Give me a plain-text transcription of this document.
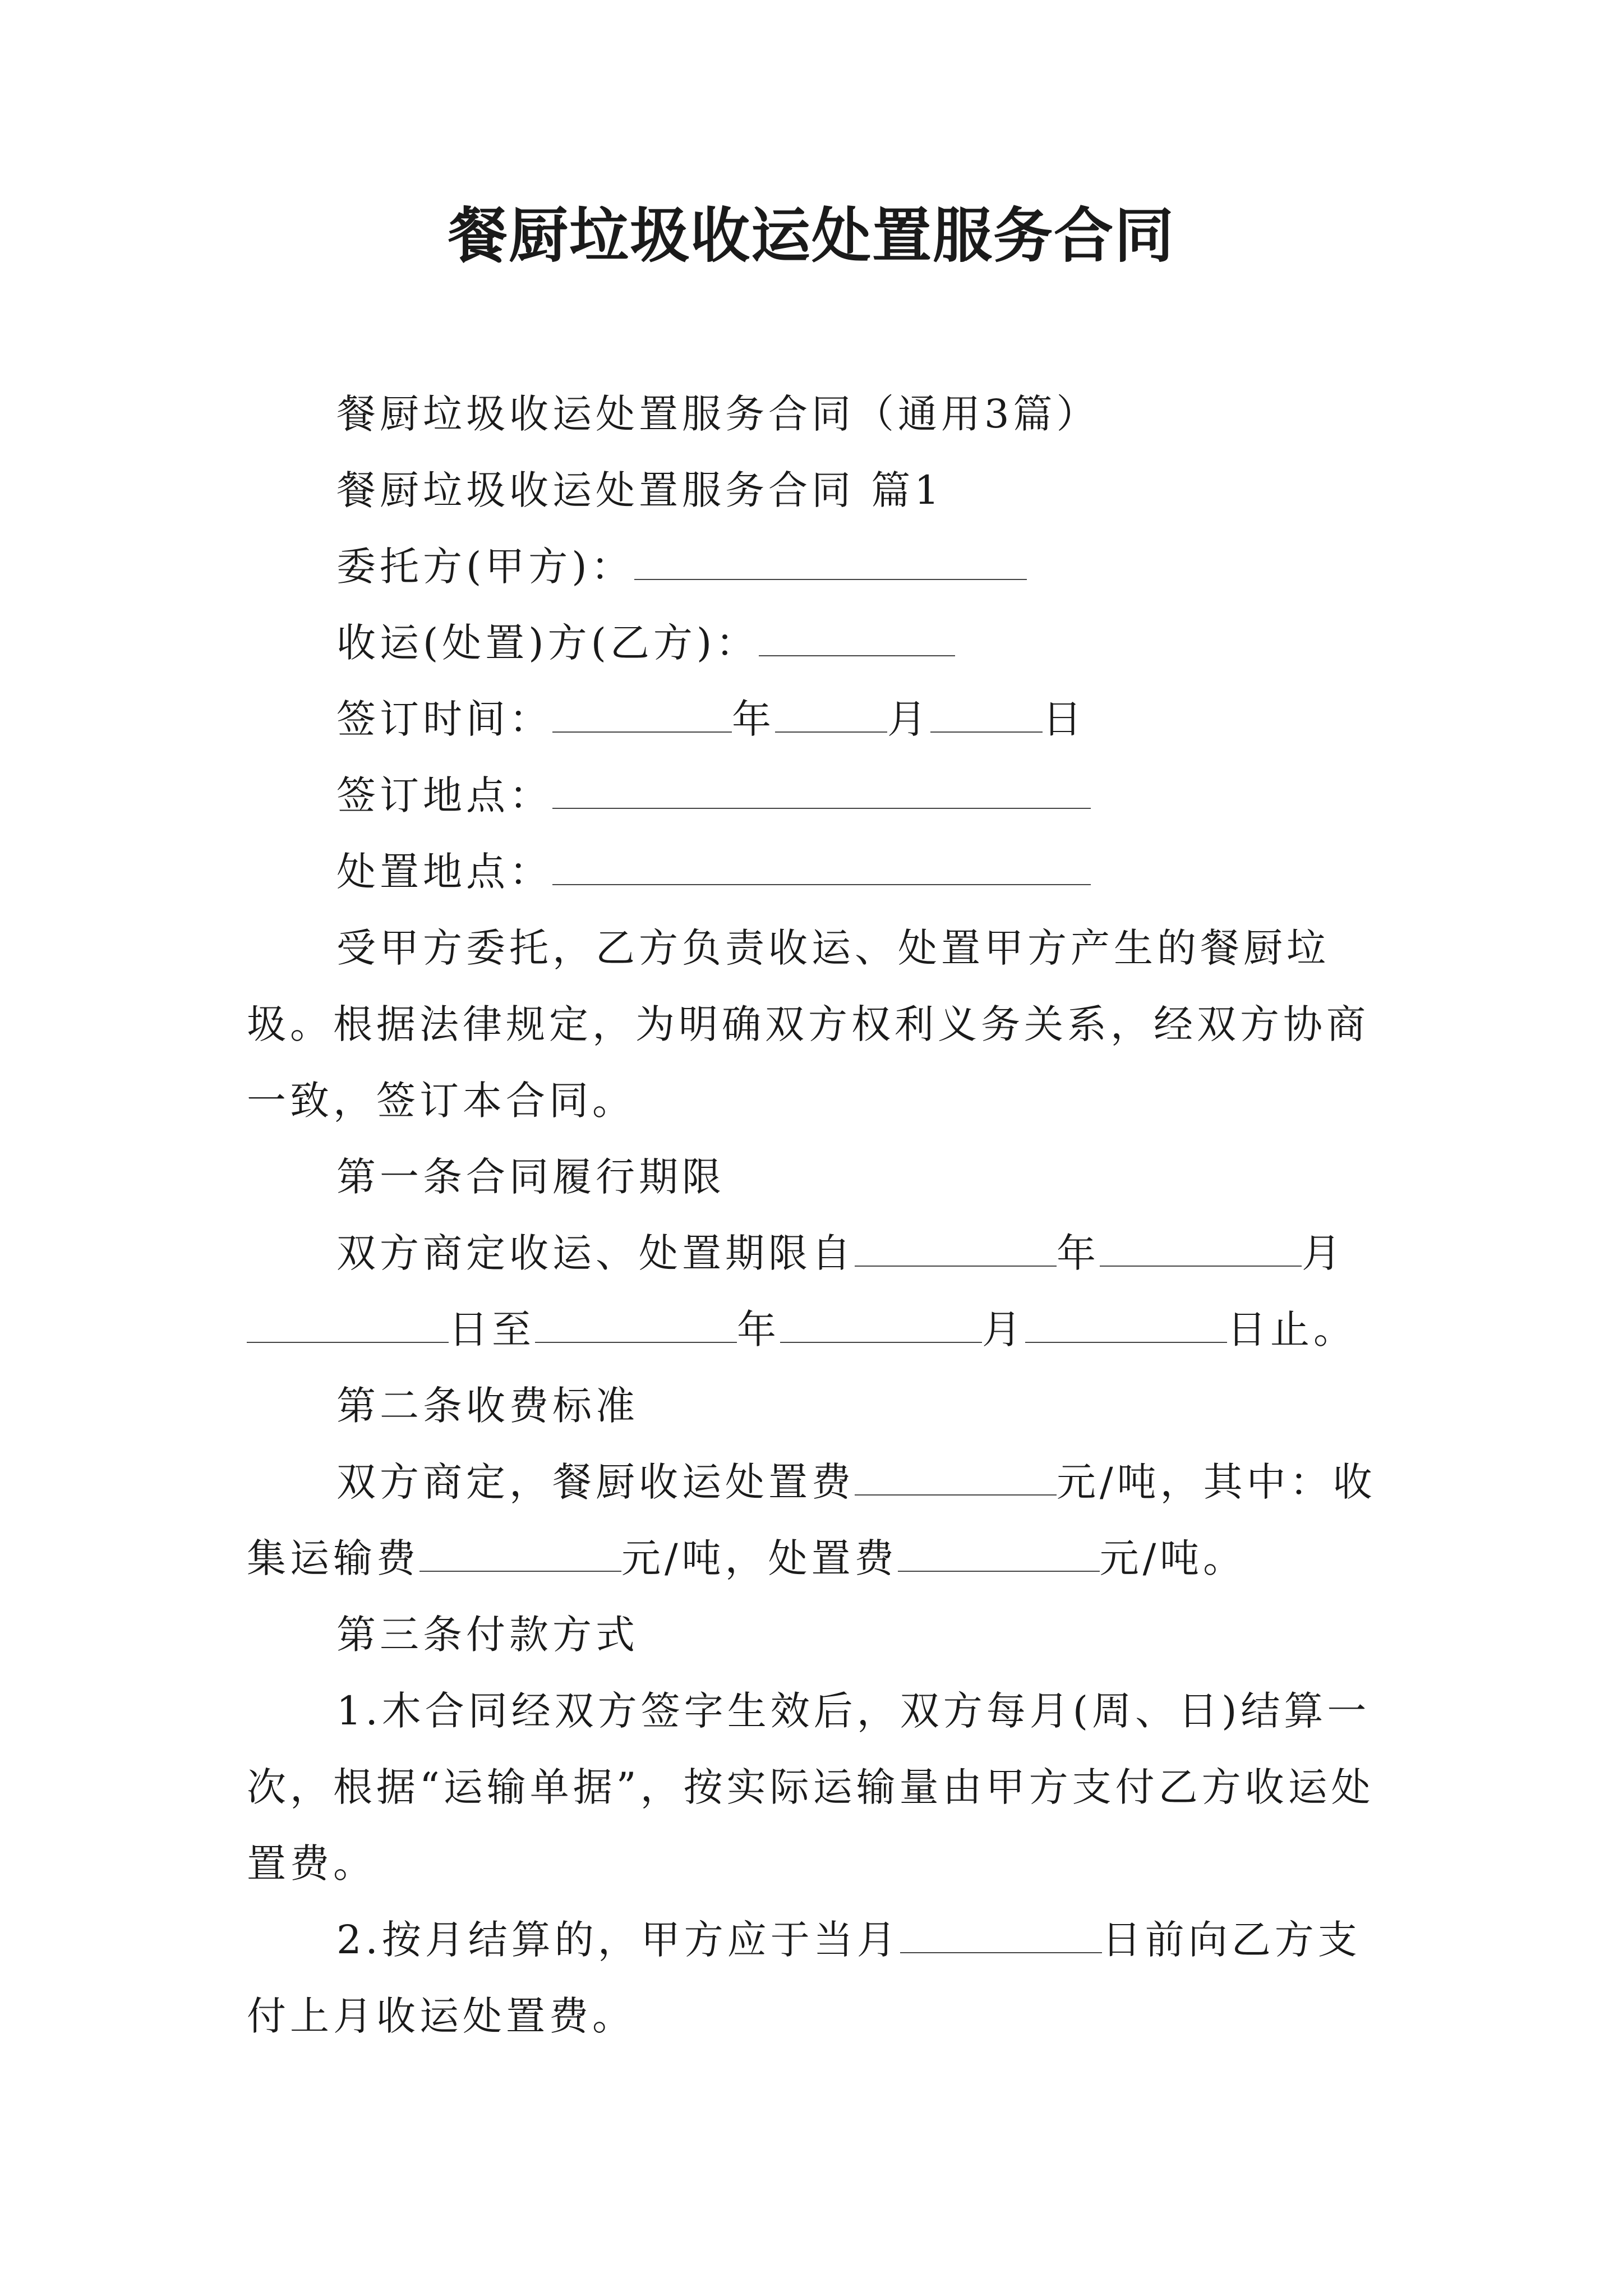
餐厨垃圾收运处置服务合同

餐厨垃圾收运处置服务合同（通用3篇）

餐厨垃圾收运处置服务合同 篇1

委托方(甲方)：

收运(处置)方(乙方)：

签订时间：	年	月	日

签订地点：

处置地点：

受甲方委托，乙方负责收运、处置甲方产生的餐厨垃圾。根据法律规定，为明确双方权利义务关系，经双方协商一致，签订本合同。

第一条合同履行期限

双方商定收运、处置期限自	年	月日至	年	月	日止。

第二条收费标准

双方商定，餐厨收运处置费	元/吨，其中：收集运输费	元/吨，处置费	元/吨。

第三条付款方式

1.木合同经双方签字生效后，双方每月(周、日)结算一次，根据“运输单据”，按实际运输量由甲方支付乙方收运处置费。

2.按月结算的，甲方应于当月	日前向乙方支付上月收运处置费。
